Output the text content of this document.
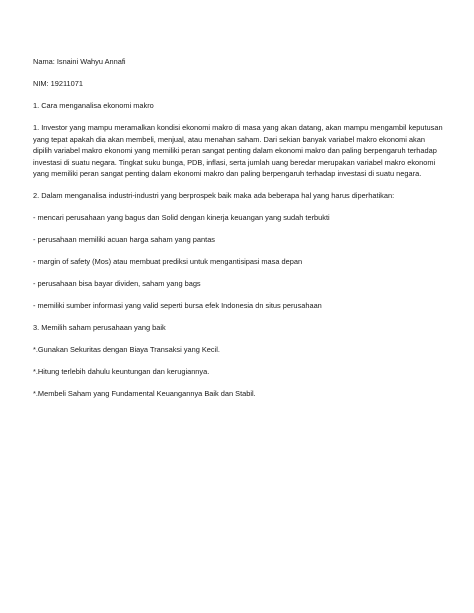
Nama: Isnaini Wahyu Annafi

NIM: 19211071

1. Cara menganalisa ekonomi makro

1. Investor yang mampu meramalkan kondisi ekonomi makro di masa yang akan datang, akan mampu mengambil keputusan yang tepat apakah dia akan membeli, menjual, atau menahan saham. Dari sekian banyak variabel makro ekonomi akan dipilih variabel makro ekonomi yang memiliki peran sangat penting dalam ekonomi makro dan paling berpengaruh terhadap investasi di suatu negara. Tingkat suku bunga, PDB, inflasi, serta jumlah uang beredar merupakan variabel makro ekonomi yang memiliki peran sangat penting dalam ekonomi makro dan paling berpengaruh terhadap investasi di suatu negara.

2. Dalam menganalisa industri-industri yang berprospek baik maka ada beberapa hal yang harus diperhatikan:

- mencari perusahaan yang bagus dan Solid dengan kinerja keuangan yang sudah terbukti

- perusahaan memiliki acuan harga saham yang pantas

- margin of safety (Mos) atau membuat prediksi untuk mengantisipasi masa depan

- perusahaan bisa bayar dividen, saham yang bags

- memiliki sumber informasi yang valid seperti bursa efek Indonesia dn situs perusahaan

3. Memilih saham perusahaan yang baik

*.Gunakan Sekuritas dengan Biaya Transaksi yang Kecil.

*.Hitung terlebih dahulu keuntungan dan kerugiannya.

*.Membeli Saham yang Fundamental Keuangannya Baik dan Stabil.
